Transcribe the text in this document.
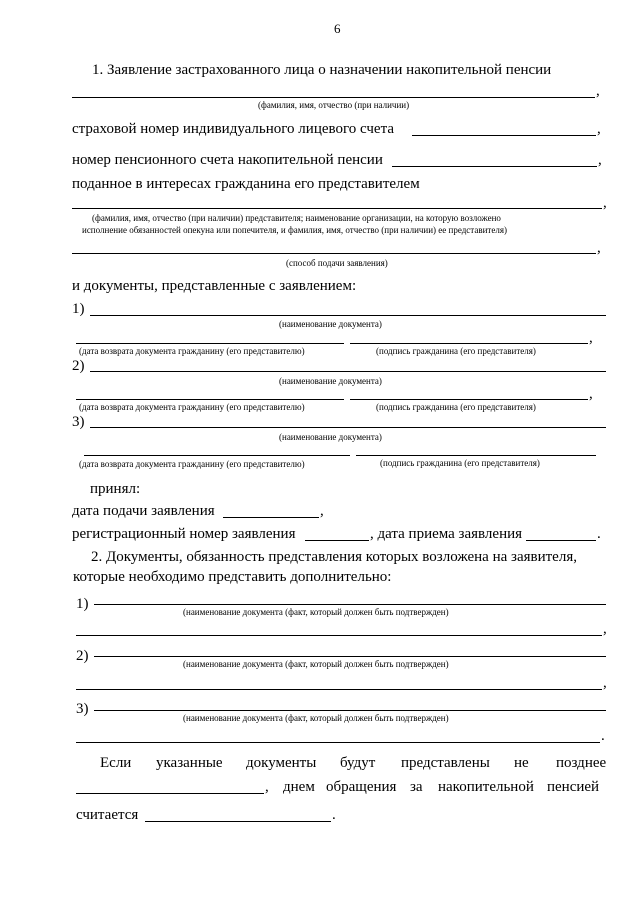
6
1. Заявление застрахованного лица о назначении накопительной пенсии
,
(фамилия, имя, отчество (при наличии)
страховой номер индивидуального лицевого счета	,
номер пенсионного счета накопительной пенсии	,
поданное в интересах гражданина его представителем
,
(фамилия, имя, отчество (при наличии) представителя; наименование организации, на которую возложено
исполнение обязанностей опекуна или попечителя, и фамилия, имя, отчество (при наличии) ее представителя)
,
(способ подачи заявления)
и документы, представленные с заявлением:
1)
(наименование документа)
,
(дата возврата документа гражданину (его представителю)	(подпись гражданина (его представителя)
2)
(наименование документа)
,
(дата возврата документа гражданину (его представителю)	(подпись гражданина (его представителя)
3)
(наименование документа)
(дата возврата документа гражданину (его представителю)	(подпись гражданина (его представителя)
принял:
дата подачи заявления	,
регистрационный номер заявления	, дата приема заявления	.
2. Документы, обязанность представления которых возложена на заявителя,
которые необходимо представить дополнительно:
1)	(наименование документа (факт, который должен быть подтвержден)
,
2)	(наименование документа (факт, который должен быть подтвержден)
,
3)
(наименование документа (факт, который должен быть подтвержден)
.
Если указанные документы будут представлены не позднее
, днем обращения за накопительной пенсией
считается	.
